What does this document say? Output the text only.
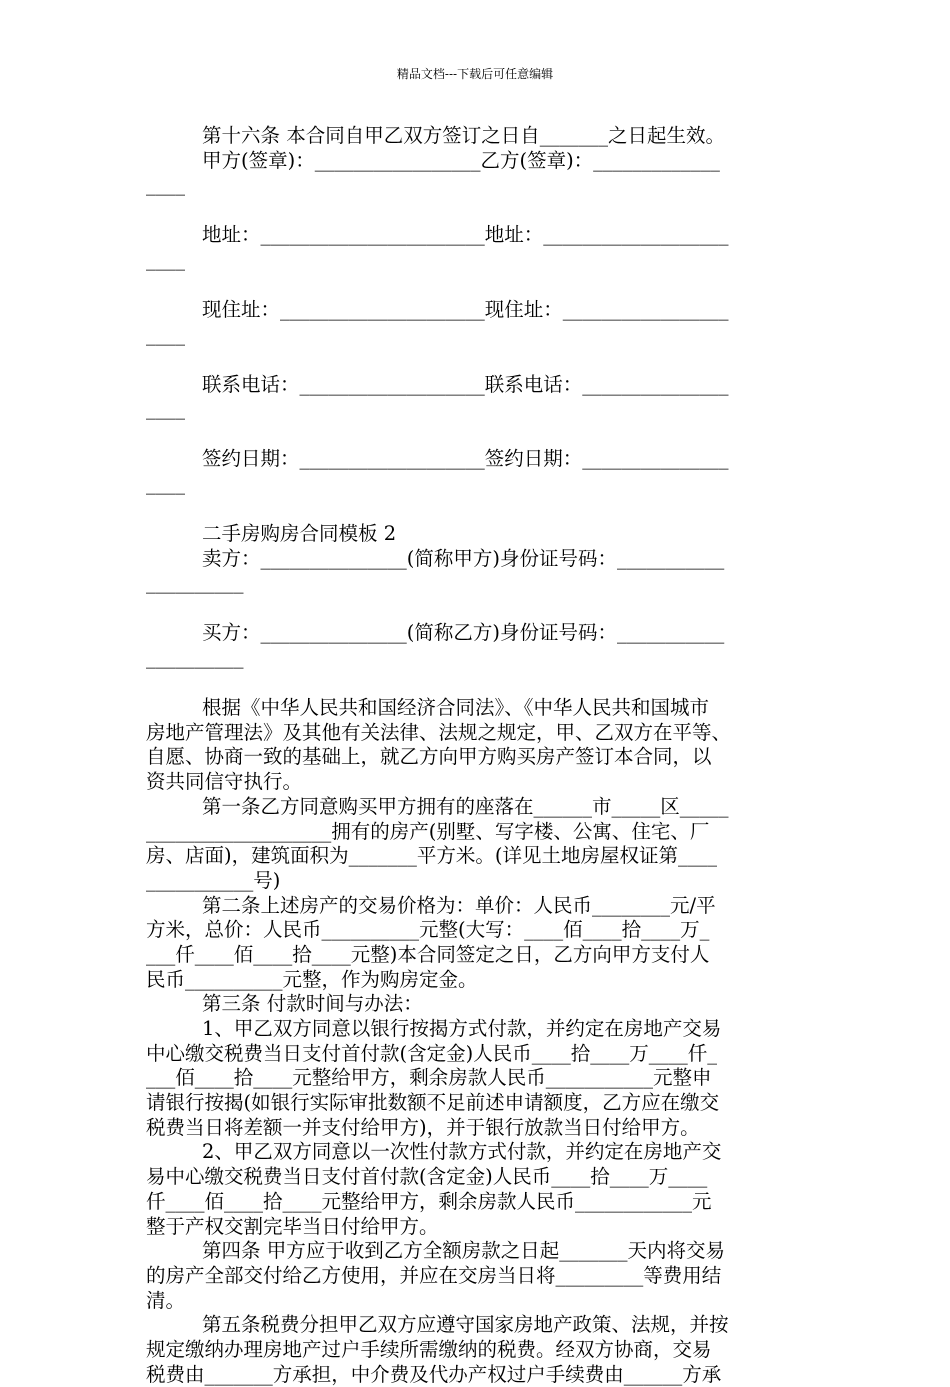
精品文档---下载后可任意编辑
第十六条 本合同自甲乙双方签订之日自_______之日起生效。
甲方(签章)：_________________乙方(签章)：_____________
____
地址：_______________________地址：___________________
____
现住址：_____________________现住址：_________________
____
联系电话：___________________联系电话：_______________
____
签约日期：___________________签约日期：_______________
____
二手房购房合同模板 2
卖方：_______________(简称甲方)身份证号码：___________
__________
买方：_______________(简称乙方)身份证号码：___________
__________
根据《中华人民共和国经济合同法》、《中华人民共和国城市
房地产管理法》及其他有关法律、法规之规定，甲、乙双方在平等、
自愿、协商一致的基础上，就乙方向甲方购买房产签订本合同，以
资共同信守执行。
第一条乙方同意购买甲方拥有的座落在______市_____区_____
___________________拥有的房产(别墅、写字楼、公寓、住宅、厂
房、店面)，建筑面积为_______平方米。(详见土地房屋权证第____
___________号)
第二条上述房产的交易价格为：单价：人民币________元/平
方米，总价：人民币__________元整(大写：____佰____拾____万_
___仟____佰____拾____元整)本合同签定之日，乙方向甲方支付人
民币__________元整，作为购房定金。
第三条 付款时间与办法：
1、甲乙双方同意以银行按揭方式付款，并约定在房地产交易
中心缴交税费当日支付首付款(含定金)人民币____拾____万____仟_
___佰____拾____元整给甲方，剩余房款人民币___________元整申
请银行按揭(如银行实际审批数额不足前述申请额度，乙方应在缴交
税费当日将差额一并支付给甲方)，并于银行放款当日付给甲方。
2、甲乙双方同意以一次性付款方式付款，并约定在房地产交
易中心缴交税费当日支付首付款(含定金)人民币____拾____万____
仟____佰____拾____元整给甲方，剩余房款人民币____________元
整于产权交割完毕当日付给甲方。
第四条 甲方应于收到乙方全额房款之日起_______天内将交易
的房产全部交付给乙方使用，并应在交房当日将_________等费用结
清。
第五条税费分担甲乙双方应遵守国家房地产政策、法规，并按
规定缴纳办理房地产过户手续所需缴纳的税费。经双方协商，交易
税费由_______方承担，中介费及代办产权过户手续费由______方承
